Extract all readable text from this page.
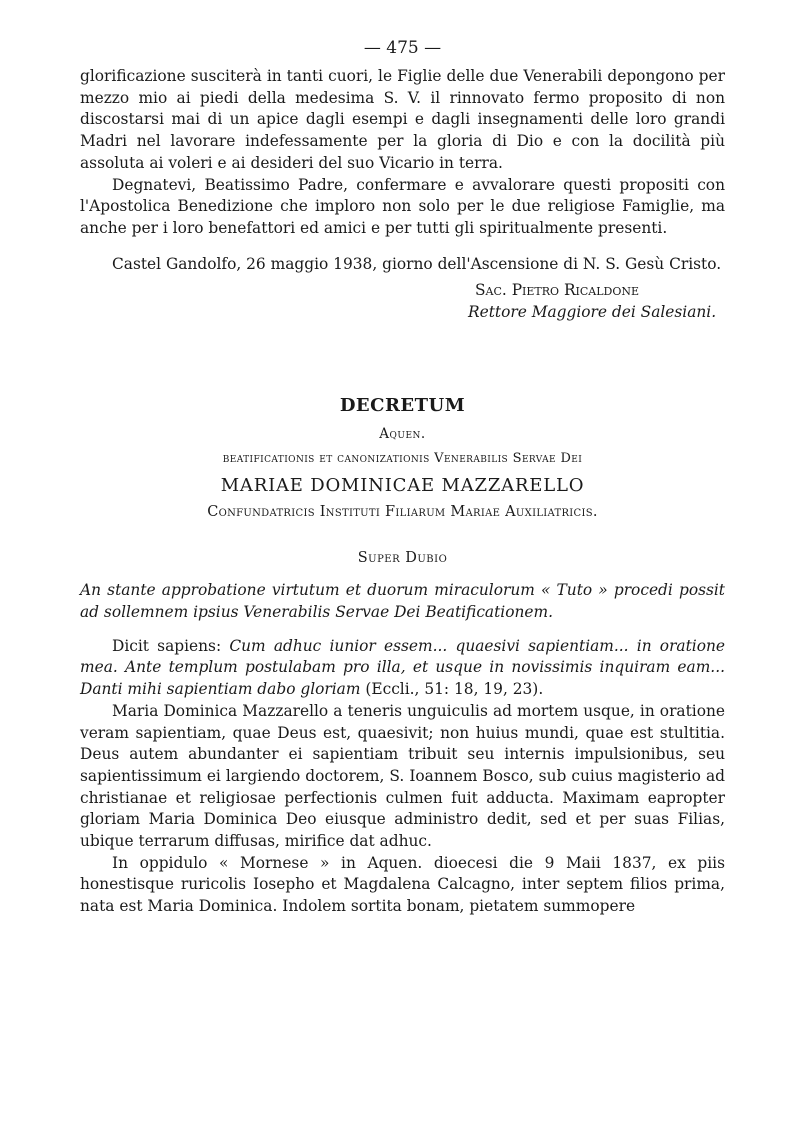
— 475 —

glorificazione susciterà in tanti cuori, le Figlie delle due Venerabili depongono per mezzo mio ai piedi della medesima S. V. il rinnovato fermo proposito di non discostarsi mai di un apice dagli esempi e dagli insegnamenti delle loro grandi Madri nel lavorare indefessamente per la gloria di Dio e con la docilità più assoluta ai voleri e ai desideri del suo Vicario in terra.

Degnatevi, Beatissimo Padre, confermare e avvalorare questi propositi con l'Apostolica Benedizione che imploro non solo per le due religiose Famiglie, ma anche per i loro benefattori ed amici e per tutti gli spiritualmente presenti.

Castel Gandolfo, 26 maggio 1938, giorno dell'Ascensione di N. S. Gesù Cristo.

Sac. Pietro Ricaldone
Rettore Maggiore dei Salesiani.
DECRETUM
Aquen.
beatificationis et canonizationis Venerabilis Servae Dei
MARIAE DOMINICAE MAZZARELLO
Confundatricis Instituti Filiarum Mariae Auxiliatricis.
Super Dubio

An stante approbatione virtutum et duorum miraculorum « Tuto » procedi possit ad sollemnem ipsius Venerabilis Servae Dei Beatificationem.

Dicit sapiens: Cum adhuc iunior essem... quaesivi sapientiam... in oratione mea. Ante templum postulabam pro illa, et usque in novissimis inquiram eam... Danti mihi sapientiam dabo gloriam (Eccli., 51: 18, 19, 23).

Maria Dominica Mazzarello a teneris unguiculis ad mortem usque, in oratione veram sapientiam, quae Deus est, quaesivit; non huius mundi, quae est stultitia. Deus autem abundanter ei sapientiam tribuit seu internis impulsionibus, seu sapientissimum ei largiendo doctorem, S. Ioannem Bosco, sub cuius magisterio ad christianae et religiosae perfectionis culmen fuit adducta. Maximam eapropter gloriam Maria Dominica Deo eiusque administro dedit, sed et per suas Filias, ubique terrarum diffusas, mirifice dat adhuc.

In oppidulo « Mornese » in Aquen. dioecesi die 9 Maii 1837, ex piis honestisque ruricolis Iosepho et Magdalena Calcagno, inter septem filios prima, nata est Maria Dominica. Indolem sortita bonam, pietatem summopere
